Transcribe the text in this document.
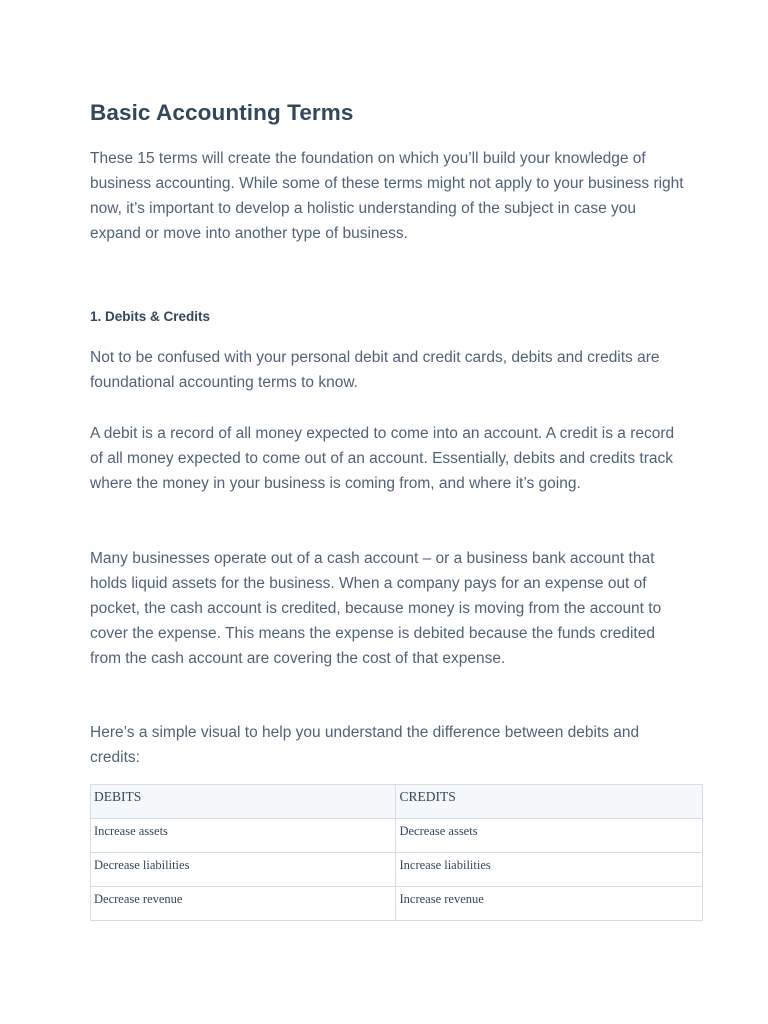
Basic Accounting Terms

These 15 terms will create the foundation on which you’ll build your knowledge of business accounting. While some of these terms might not apply to your business right now, it’s important to develop a holistic understanding of the subject in case you expand or move into another type of business.

1. Debits & Credits

Not to be confused with your personal debit and credit cards, debits and credits are foundational accounting terms to know.

A debit is a record of all money expected to come into an account. A credit is a record of all money expected to come out of an account. Essentially, debits and credits track where the money in your business is coming from, and where it’s going.

Many businesses operate out of a cash account – or a business bank account that holds liquid assets for the business. When a company pays for an expense out of pocket, the cash account is credited, because money is moving from the account to cover the expense. This means the expense is debited because the funds credited from the cash account are covering the cost of that expense.

Here’s a simple visual to help you understand the difference between debits and credits:

DEBITS	CREDITS
Increase assets	Decrease assets
Decrease liabilities	Increase liabilities
Decrease revenue	Increase revenue
